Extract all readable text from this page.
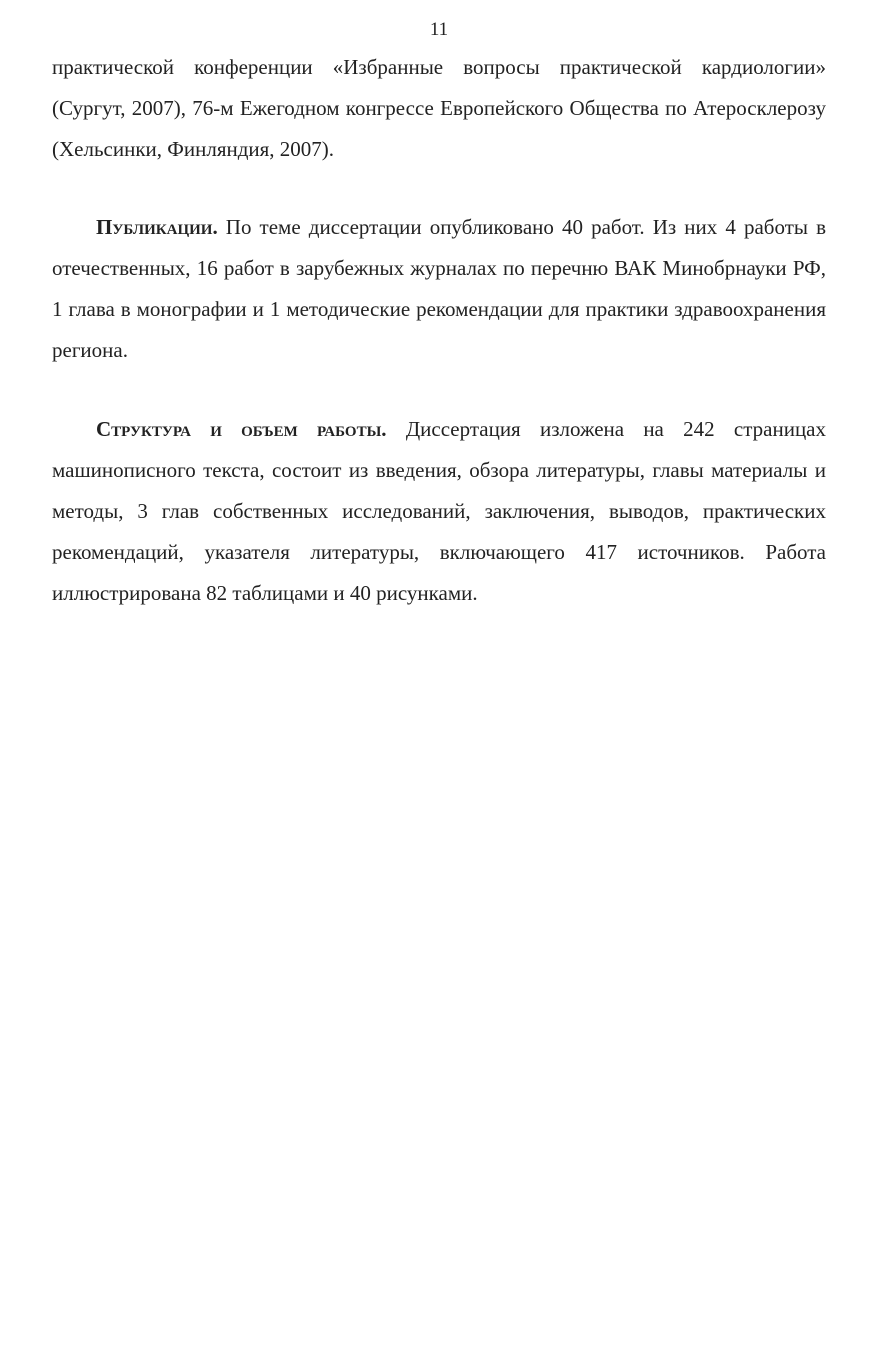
11

практической конференции «Избранные вопросы практической кардиологии» (Сургут, 2007), 76-м Ежегодном конгрессе Европейского Общества по Атеросклерозу (Хельсинки, Финляндия, 2007).

Публикации. По теме диссертации опубликовано 40 работ. Из них 4 работы в отечественных, 16 работ в зарубежных журналах по перечню ВАК Минобрнауки РФ, 1 глава в монографии и 1 методические рекомендации для практики здравоохранения региона.

Структура и объем работы. Диссертация изложена на 242 страницах машинописного текста, состоит из введения, обзора литературы, главы материалы и методы, 3 глав собственных исследований, заключения, выводов, практических рекомендаций, указателя литературы, включающего 417 источников. Работа иллюстрирована 82 таблицами и 40 рисунками.
